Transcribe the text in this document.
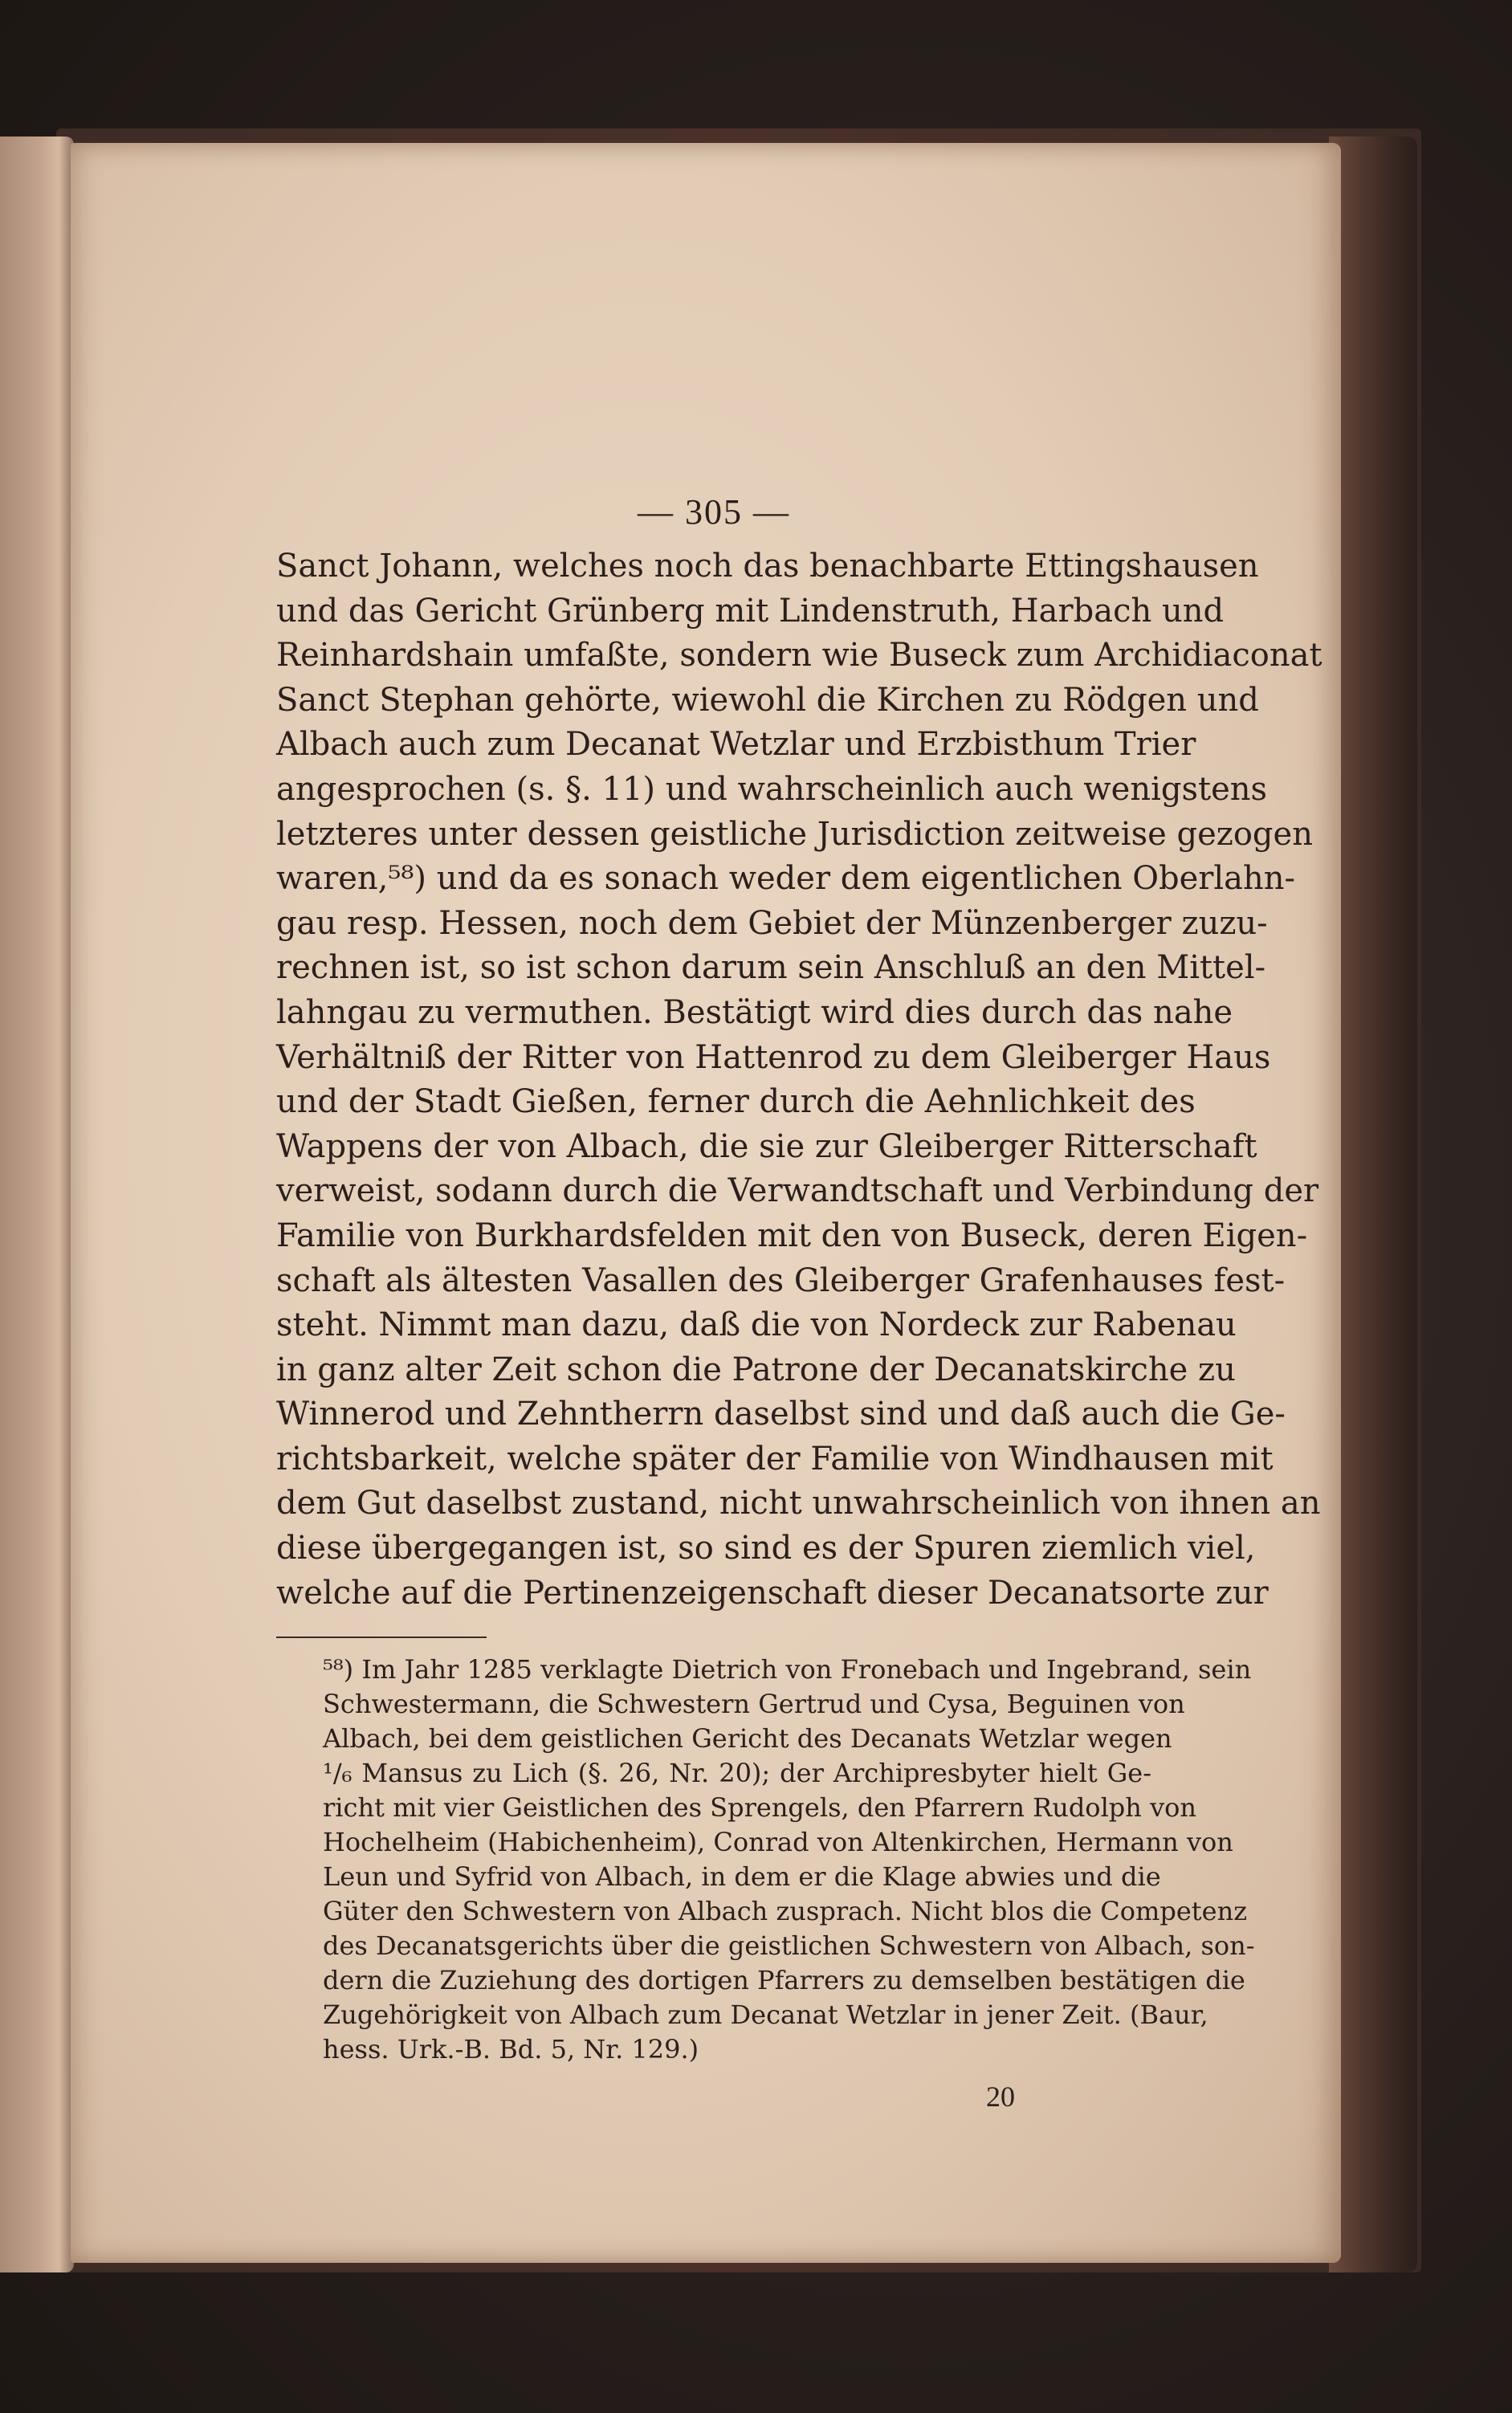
— 305 —
Sanct Johann, welches noch das benachbarte Ettingshausen
und das Gericht Grünberg mit Lindenstruth, Harbach und
Reinhardshain umfaßte, sondern wie Buseck zum Archidiaconat
Sanct Stephan gehörte, wiewohl die Kirchen zu Rödgen und
Albach auch zum Decanat Wetzlar und Erzbisthum Trier
angesprochen (s. §. 11) und wahrscheinlich auch wenigstens
letzteres unter dessen geistliche Jurisdiction zeitweise gezogen
waren,⁵⁸) und da es sonach weder dem eigentlichen Oberlahn-
gau resp. Hessen, noch dem Gebiet der Münzenberger zuzu-
rechnen ist, so ist schon darum sein Anschluß an den Mittel-
lahngau zu vermuthen. Bestätigt wird dies durch das nahe
Verhältniß der Ritter von Hattenrod zu dem Gleiberger Haus
und der Stadt Gießen, ferner durch die Aehnlichkeit des
Wappens der von Albach, die sie zur Gleiberger Ritterschaft
verweist, sodann durch die Verwandtschaft und Verbindung der
Familie von Burkhardsfelden mit den von Buseck, deren Eigen-
schaft als ältesten Vasallen des Gleiberger Grafenhauses fest-
steht. Nimmt man dazu, daß die von Nordeck zur Rabenau
in ganz alter Zeit schon die Patrone der Decanatskirche zu
Winnerod und Zehntherrn daselbst sind und daß auch die Ge-
richtsbarkeit, welche später der Familie von Windhausen mit
dem Gut daselbst zustand, nicht unwahrscheinlich von ihnen an
diese übergegangen ist, so sind es der Spuren ziemlich viel,
welche auf die Pertinenzeigenschaft dieser Decanatsorte zur
⁵⁸) Im Jahr 1285 verklagte Dietrich von Fronebach und Ingebrand, sein
Schwestermann, die Schwestern Gertrud und Cysa, Beguinen von
Albach, bei dem geistlichen Gericht des Decanats Wetzlar wegen
¹/₆ Mansus zu Lich (§. 26, Nr. 20); der Archipresbyter hielt Ge-
richt mit vier Geistlichen des Sprengels, den Pfarrern Rudolph von
Hochelheim (Habichenheim), Conrad von Altenkirchen, Hermann von
Leun und Syfrid von Albach, in dem er die Klage abwies und die
Güter den Schwestern von Albach zusprach. Nicht blos die Competenz
des Decanatsgerichts über die geistlichen Schwestern von Albach, son-
dern die Zuziehung des dortigen Pfarrers zu demselben bestätigen die
Zugehörigkeit von Albach zum Decanat Wetzlar in jener Zeit. (Baur,
hess. Urk.-B. Bd. 5, Nr. 129.)
20
